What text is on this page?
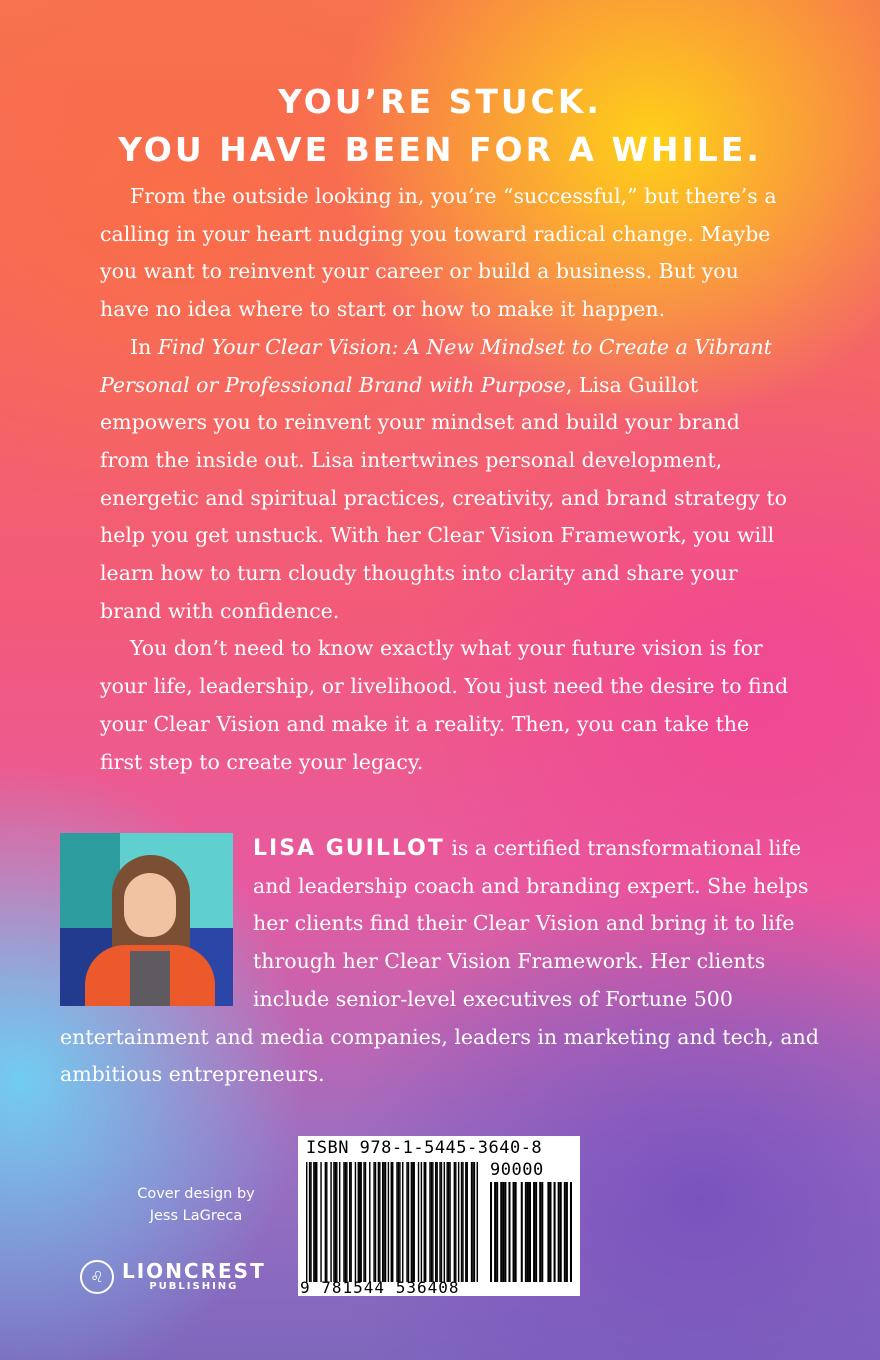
YOU’RE STUCK.
YOU HAVE BEEN FOR A WHILE.

From the outside looking in, you’re “successful,” but there’s a calling in your heart nudging you toward radical change. Maybe you want to reinvent your career or build a business. But you have no idea where to start or how to make it happen.

In Find Your Clear Vision: A New Mindset to Create a Vibrant Personal or Professional Brand with Purpose, Lisa Guillot empowers you to reinvent your mindset and build your brand from the inside out. Lisa intertwines personal development, energetic and spiritual practices, creativity, and brand strategy to help you get unstuck. With her Clear Vision Framework, you will learn how to turn cloudy thoughts into clarity and share your brand with confidence.

You don’t need to know exactly what your future vision is for your life, leadership, or livelihood. You just need the desire to find your Clear Vision and make it a reality. Then, you can take the first step to create your legacy.

LISA GUILLOT is a certified transformational life and leadership coach and branding expert. She helps her clients find their Clear Vision and bring it to life through her Clear Vision Framework. Her clients include senior-level executives of Fortune 500 entertainment and media companies, leaders in marketing and tech, and ambitious entrepreneurs.
Cover design by
Jess LaGreca
♌ LIONCREST
PUBLISHING
ISBN 978-1-5445-3640-8
90000
9 781544 536408
